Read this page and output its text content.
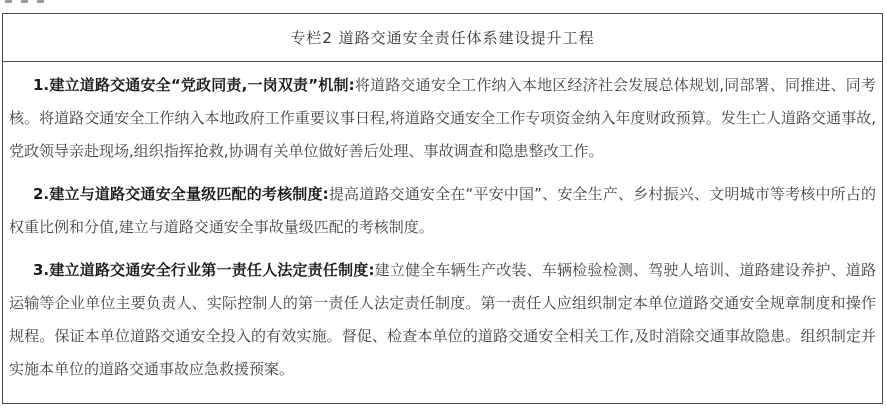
专栏2 道路交通安全责任体系建设提升工程

1.建立道路交通安全“党政同责,一岗双责”机制:将道路交通安全工作纳入本地区经济社会发展总体规划,同部署、同推进、同考核。将道路交通安全工作纳入本地政府工作重要议事日程,将道路交通安全工作专项资金纳入年度财政预算。发生亡人道路交通事故,党政领导亲赴现场,组织指挥抢救,协调有关单位做好善后处理、事故调查和隐患整改工作。

2.建立与道路交通安全量级匹配的考核制度:提高道路交通安全在“平安中国”、安全生产、乡村振兴、文明城市等考核中所占的权重比例和分值,建立与道路交通安全事故量级匹配的考核制度。

3.建立道路交通安全行业第一责任人法定责任制度:建立健全车辆生产改装、车辆检验检测、驾驶人培训、道路建设养护、道路运输等企业单位主要负责人、实际控制人的第一责任人法定责任制度。第一责任人应组织制定本单位道路交通安全规章制度和操作规程。保证本单位道路交通安全投入的有效实施。督促、检查本单位的道路交通安全相关工作,及时消除交通事故隐患。组织制定并实施本单位的道路交通事故应急救援预案。
